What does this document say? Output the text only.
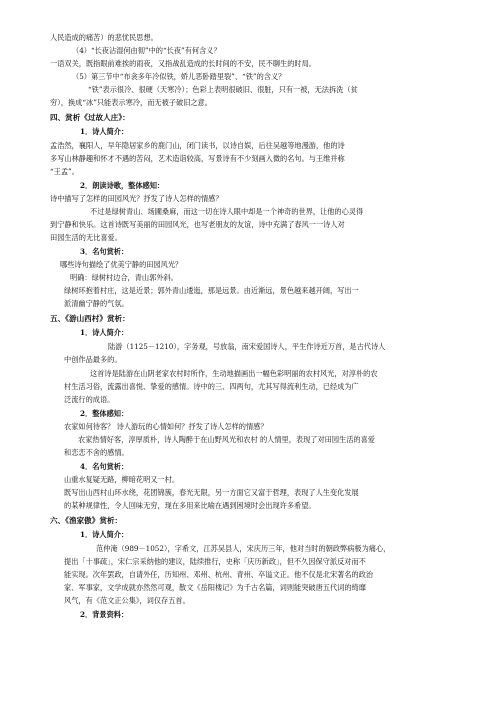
人民造成的痛苦）的悲忧民思想。
（4）“长夜沾湿何由彻”中的“长夜”有何含义？
一语双关，既指眼前难挨的雨夜，又指战乱造成的长时间的不安，民不聊生的时局。
（5）第三节中“布衾多年冷似铁，娇儿恶卧踏里裂”、“铁”的含义？
“铁”表示很冷、很硬（天寒冷）；色彩上表明很破旧、很脏，只有一被，无法拆洗（贫
穷），换成“冰”只能表示寒冷，而无被子破旧之意。
四、赏析《过故人庄》：
1．诗人简介：
孟浩然，襄阳人，早年隐居家乡的鹿门山，闭门读书，以诗自娱，后往吴越等地漫游，他的诗
多写山林静趣和怀才不遇的苦闷，艺术造诣较高，写景诗有不少刻画入微的名句。与王维并称
“王孟”。
2．朗读诗歌，整体感知：
诗中描写了怎样的田园风光？抒发了诗人怎样的情感？
不过是绿树青山、场圃桑麻，而这一切在诗人眼中却是一个神奇的世界，让他的心灵得
到宁静和快乐。这首诗既写美丽的田园风光，也写老朋友的友谊，诗中充满了春风一一诗人对
田园生活的无比喜爱。
3．名句赏析：
哪些诗句描绘了优美宁静的田园风光？
明确：绿树村边合，青山郭外斜。
绿树环抱着村庄，这是近景；郭外青山逶迤，那是远景。由近渐远，景色越来越开阔，写出一
派清幽宁静的气氛。
五、《游山西村》赏析：
1．诗人简介：
陆游（1125－1210），字务观，号放翁，南宋爱国诗人，平生作诗近万首，是古代诗人
中创作品最多的。
这首诗是陆游在山阴老家农村时所作，生动地描画出一幅色彩明丽的农村风光，对淳朴的农
村生活习俗，流露出喜悦、挚爱的感情。诗中的三、四两句，尤其写得流利生动，已经成为广
泛流行的成语。
2．整体感知：
农家如何待客？ 诗人游玩的心情如何？抒发了诗人怎样的情感？
农家热情好客，淳厚质朴，诗人陶醉于在山野风光和农村 的人情里，表现了对田园生活的喜爱
和恋恋不舍的感情。
4．名句赏析：
山重水复疑无路，柳暗花明又一村。
既写出山西村山环水绕，花团锦簇，春光无限，另一方面它又富于哲理，表现了人生变化发展
的某种规律性，令人回味无穷，现在多用来比喻在遇到困境时会出现许多希望。
六、《渔家傲》赏析：
1．诗人简介：
范仲淹（989－1052），字希文，江苏吴县人，宋庆历三年，他对当时的朝政弊病极为痛心，
提出「十事疏」，宋仁宗采纳他的建议，陆续推行，史称「庆历新政」，但不久因保守派反对而不
能实现。次年罢政，自请外任，历知州、邓州、杭州、青州、卒谥文正。他不仅是北宋著名的政治
家、军事家，文学成就亦然然可观，散文《岳阳楼记》为千古名篇，词则能突破唐五代词的绮靡
风气，有《范文正公集》，词仅存五首。
2．背景资料：
